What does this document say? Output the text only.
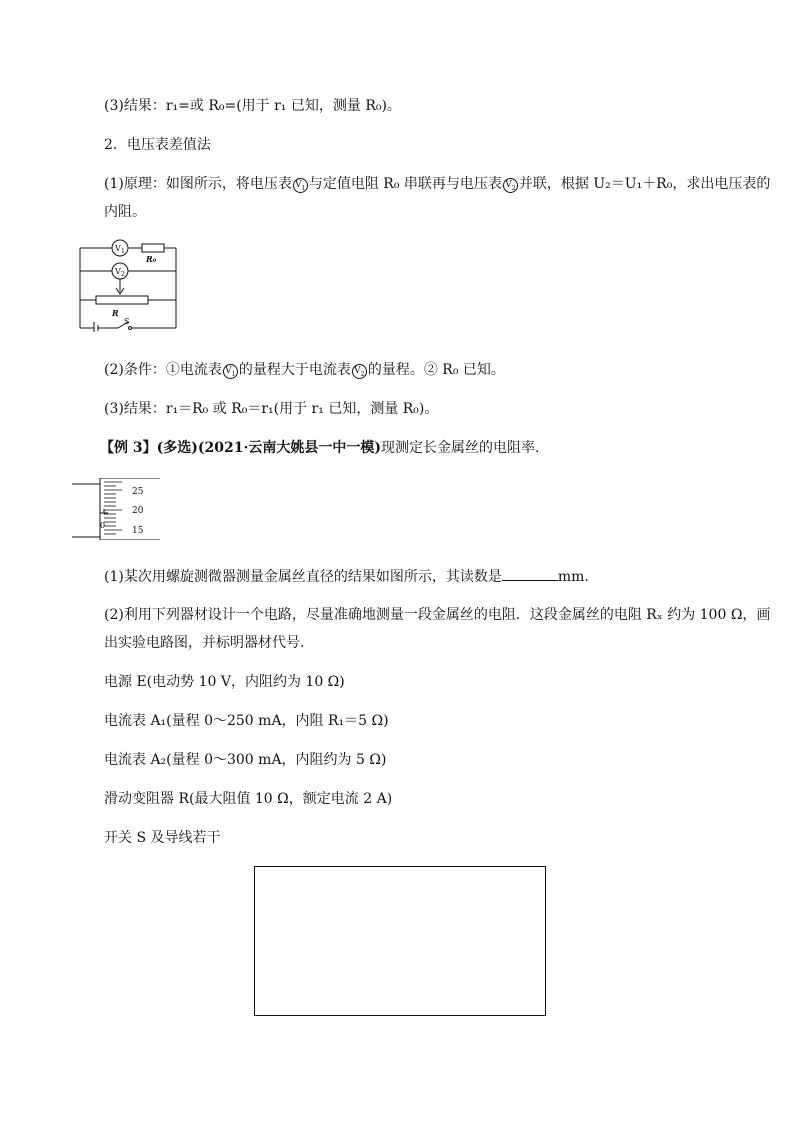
(3)结果：r₁=或 R₀=(用于 r₁ 已知，测量 R₀)。
2．电压表差值法
(1)原理：如图所示，将电压表 $V_1$ 与定值电阻 R₀ 串联再与电压表 $V_2$ 并联，根据 U₂＝U₁＋R₀，求出电压表的
内阻。
V 1
V 2
R₀
R
S
(2)条件：①电流表 $V_1$ 的量程大于电流表 $V_2$ 的量程。② R₀ 已知。
(3)结果：r₁＝R₀ 或 R₀＝r₁(用于 r₁ 已知，测量 R₀)。
【例 3】(多选)(2021·云南大姚县一中一模)现测定长金属丝的电阻率.
25
20
15
0
(1)某次用螺旋测微器测量金属丝直径的结果如图所示，其读数是	mm.
(2)利用下列器材设计一个电路，尽量准确地测量一段金属丝的电阻．这段金属丝的电阻 Rₓ 约为 100 Ω，画
出实验电路图，并标明器材代号.
电源 E(电动势 10 V，内阻约为 10 Ω)
电流表 A₁(量程 0～250 mA，内阻 R₁＝5 Ω)
电流表 A₂(量程 0～300 mA，内阻约为 5 Ω)
滑动变阻器 R(最大阻值 10 Ω，额定电流 2 A)
开关 S 及导线若干
